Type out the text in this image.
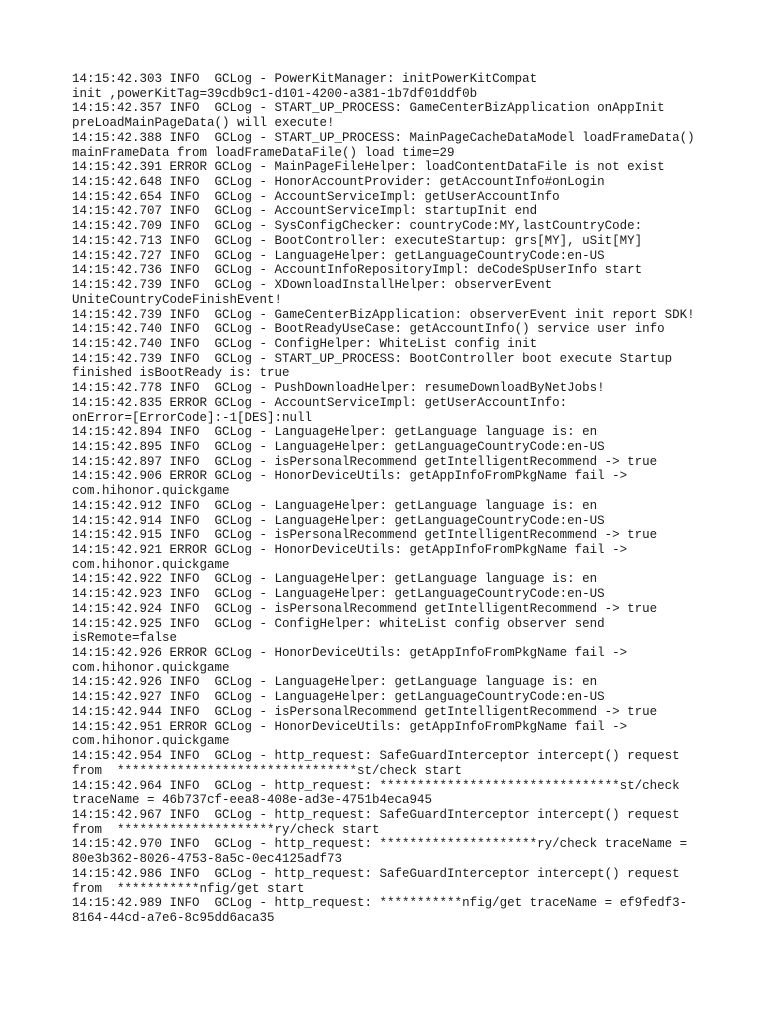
14:15:42.303 INFO  GCLog - PowerKitManager: initPowerKitCompat
init ,powerKitTag=39cdb9c1-d101-4200-a381-1b7df01ddf0b
14:15:42.357 INFO  GCLog - START_UP_PROCESS: GameCenterBizApplication onAppInit
preLoadMainPageData() will execute!
14:15:42.388 INFO  GCLog - START_UP_PROCESS: MainPageCacheDataModel loadFrameData()
mainFrameData from loadFrameDataFile() load time=29
14:15:42.391 ERROR GCLog - MainPageFileHelper: loadContentDataFile is not exist
14:15:42.648 INFO  GCLog - HonorAccountProvider: getAccountInfo#onLogin
14:15:42.654 INFO  GCLog - AccountServiceImpl: getUserAccountInfo
14:15:42.707 INFO  GCLog - AccountServiceImpl: startupInit end
14:15:42.709 INFO  GCLog - SysConfigChecker: countryCode:MY,lastCountryCode:
14:15:42.713 INFO  GCLog - BootController: executeStartup: grs[MY], uSit[MY]
14:15:42.727 INFO  GCLog - LanguageHelper: getLanguageCountryCode:en-US
14:15:42.736 INFO  GCLog - AccountInfoRepositoryImpl: deCodeSpUserInfo start
14:15:42.739 INFO  GCLog - XDownloadInstallHelper: observerEvent
UniteCountryCodeFinishEvent!
14:15:42.739 INFO  GCLog - GameCenterBizApplication: observerEvent init report SDK!
14:15:42.740 INFO  GCLog - BootReadyUseCase: getAccountInfo() service user info
14:15:42.740 INFO  GCLog - ConfigHelper: WhiteList config init
14:15:42.739 INFO  GCLog - START_UP_PROCESS: BootController boot execute Startup
finished isBootReady is: true
14:15:42.778 INFO  GCLog - PushDownloadHelper: resumeDownloadByNetJobs!
14:15:42.835 ERROR GCLog - AccountServiceImpl: getUserAccountInfo:
onError=[ErrorCode]:-1[DES]:null
14:15:42.894 INFO  GCLog - LanguageHelper: getLanguage language is: en
14:15:42.895 INFO  GCLog - LanguageHelper: getLanguageCountryCode:en-US
14:15:42.897 INFO  GCLog - isPersonalRecommend getIntelligentRecommend -> true
14:15:42.906 ERROR GCLog - HonorDeviceUtils: getAppInfoFromPkgName fail ->
com.hihonor.quickgame
14:15:42.912 INFO  GCLog - LanguageHelper: getLanguage language is: en
14:15:42.914 INFO  GCLog - LanguageHelper: getLanguageCountryCode:en-US
14:15:42.915 INFO  GCLog - isPersonalRecommend getIntelligentRecommend -> true
14:15:42.921 ERROR GCLog - HonorDeviceUtils: getAppInfoFromPkgName fail ->
com.hihonor.quickgame
14:15:42.922 INFO  GCLog - LanguageHelper: getLanguage language is: en
14:15:42.923 INFO  GCLog - LanguageHelper: getLanguageCountryCode:en-US
14:15:42.924 INFO  GCLog - isPersonalRecommend getIntelligentRecommend -> true
14:15:42.925 INFO  GCLog - ConfigHelper: whiteList config observer send
isRemote=false
14:15:42.926 ERROR GCLog - HonorDeviceUtils: getAppInfoFromPkgName fail ->
com.hihonor.quickgame
14:15:42.926 INFO  GCLog - LanguageHelper: getLanguage language is: en
14:15:42.927 INFO  GCLog - LanguageHelper: getLanguageCountryCode:en-US
14:15:42.944 INFO  GCLog - isPersonalRecommend getIntelligentRecommend -> true
14:15:42.951 ERROR GCLog - HonorDeviceUtils: getAppInfoFromPkgName fail ->
com.hihonor.quickgame
14:15:42.954 INFO  GCLog - http_request: SafeGuardInterceptor intercept() request
from  ********************************st/check start
14:15:42.964 INFO  GCLog - http_request: ********************************st/check
traceName = 46b737cf-eea8-408e-ad3e-4751b4eca945
14:15:42.967 INFO  GCLog - http_request: SafeGuardInterceptor intercept() request
from  *********************ry/check start
14:15:42.970 INFO  GCLog - http_request: *********************ry/check traceName =
80e3b362-8026-4753-8a5c-0ec4125adf73
14:15:42.986 INFO  GCLog - http_request: SafeGuardInterceptor intercept() request
from  ***********nfig/get start
14:15:42.989 INFO  GCLog - http_request: ***********nfig/get traceName = ef9fedf3-
8164-44cd-a7e6-8c95dd6aca35
